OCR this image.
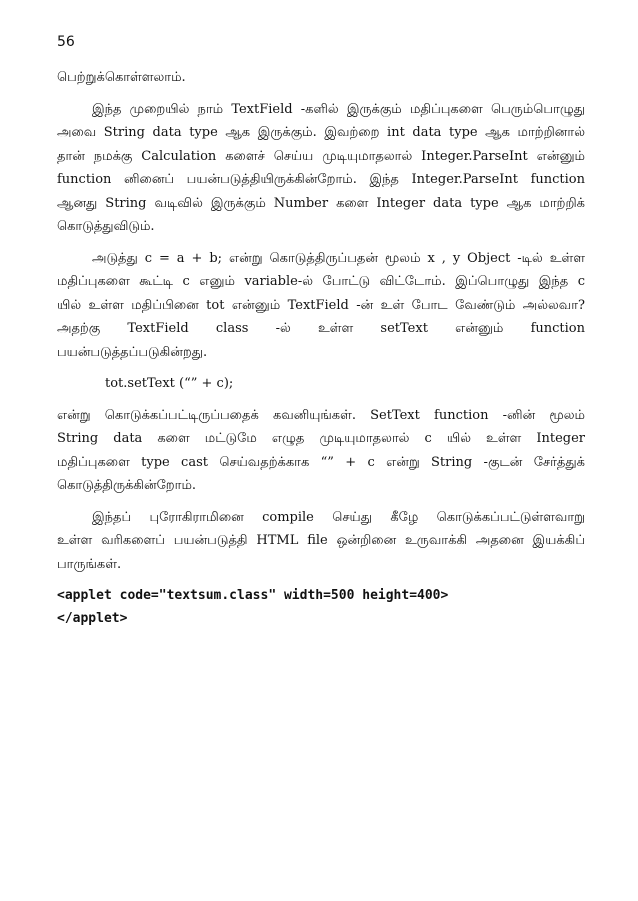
56
பெற்றுக்கொள்ளலாம்.
இந்த முறையில் நாம் TextField -களில் இருக்கும் மதிப்புகளை பெரும்பொழுது
அவை String data type ஆக இருக்கும். இவற்றை int data type ஆக மாற்றினால்
தான் நமக்கு Calculation களைச் செய்ய முடியுமாதலால் Integer.ParseInt என்னும்
function னினைப் பயன்படுத்தியிருக்கின்றோம். இந்த Integer.ParseInt function
ஆனது String வடிவில் இருக்கும் Number களை Integer data type ஆக மாற்றிக்
கொடுத்துவிடும்.
அடுத்து c = a + b; என்று கொடுத்திருப்பதன் மூலம் x , y Object -டில் உள்ள
மதிப்புகளை கூட்டி c எனும் variable-ல் போட்டு விட்டோம். இப்பொழுது இந்த c
யில் உள்ள மதிப்பினை tot என்னும் TextField -ன் உள் போட வேண்டும் அல்லவா?
அதற்கு TextField class -ல் உள்ள setText என்னும் function
பயன்படுத்தப்படுகின்றது.
tot.setText (“” + c);
என்று கொடுக்கப்பட்டிருப்பதைக் கவனியுங்கள். SetText function -னின் மூலம்
String data களை மட்டுமே எழுத முடியுமாதலால் c யில் உள்ள Integer
மதிப்புகளை type cast செய்வதற்க்காக “” + c என்று String -குடன் சேர்த்துக்
கொடுத்திருக்கின்றோம்.
இந்தப் புரோகிராமினை compile செய்து கீழே கொடுக்கப்பட்டுள்ளவாறு
உள்ள வரிகளைப் பயன்படுத்தி HTML file ஒன்றினை உருவாக்கி அதனை இயக்கிப்
பாருங்கள்.
<applet code="textsum.class" width=500 height=400>
</applet>
